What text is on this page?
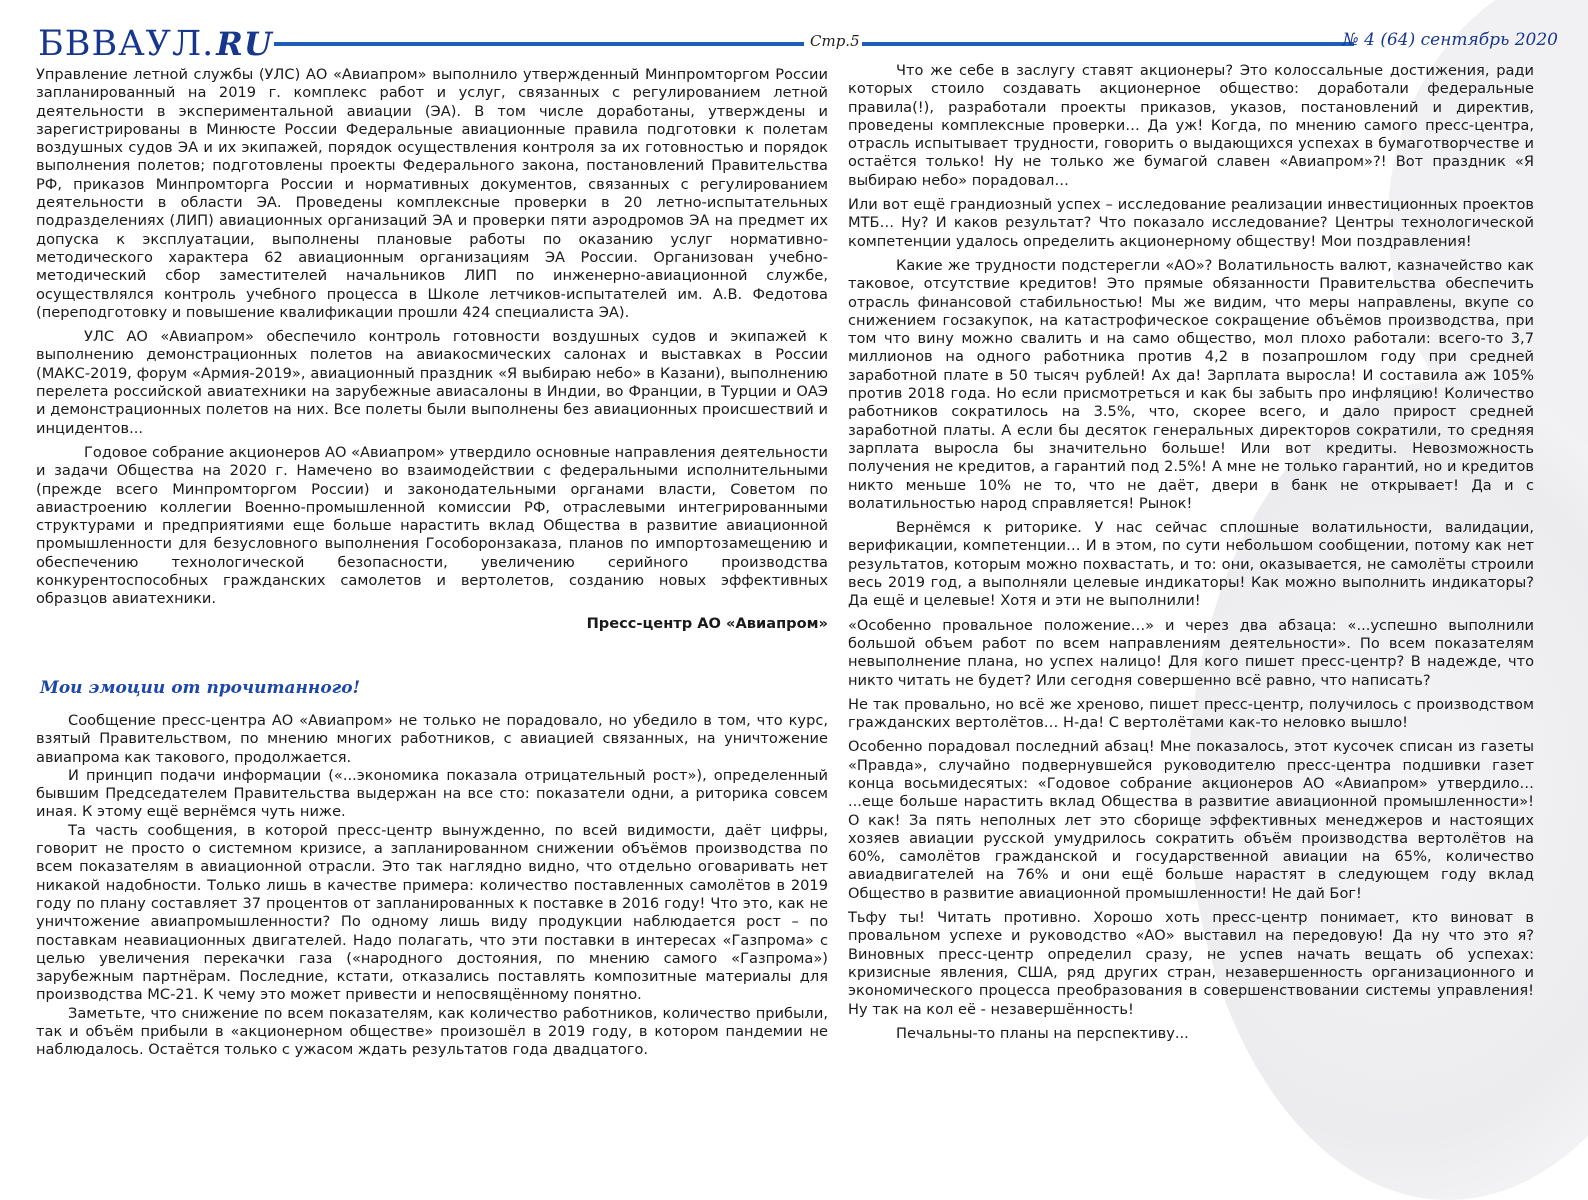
БВВАУЛ.RU	Стр.5	№ 4 (64) сентябрь 2020

Управление летной службы (УЛС) АО «Авиапром» выполнило утвержденный Минпромторгом России запланированный на 2019 г. комплекс работ и услуг, связанных с регулированием летной деятельности в экспериментальной авиации (ЭА). В том числе доработаны, утверждены и зарегистрированы в Минюсте России Федеральные авиационные правила подготовки к полетам воздушных судов ЭА и их экипажей, порядок осуществления контроля за их готовностью и порядок выполнения полетов; подготовлены проекты Федерального закона, постановлений Правительства РФ, приказов Минпромторга России и нормативных документов, связанных с регулированием деятельности в области ЭА. Проведены комплексные проверки в 20 летно-испытательных подразделениях (ЛИП) авиационных организаций ЭА и проверки пяти аэродромов ЭА на предмет их допуска к эксплуатации, выполнены плановые работы по оказанию услуг нормативно-методического характера 62 авиационным организациям ЭА России. Организован учебно-методический сбор заместителей начальников ЛИП по инженерно-авиационной службе, осуществлялся контроль учебного процесса в Школе летчиков-испытателей им. А.В. Федотова (переподготовку и повышение квалификации прошли 424 специалиста ЭА).

УЛС АО «Авиапром» обеспечило контроль готовности воздушных судов и экипажей к выполнению демонстрационных полетов на авиакосмических салонах и выставках в России (МАКС-2019, форум «Армия-2019», авиационный праздник «Я выбираю небо» в Казани), выполнению перелета российской авиатехники на зарубежные авиасалоны в Индии, во Франции, в Турции и ОАЭ и демонстрационных полетов на них. Все полеты были выполнены без авиационных происшествий и инцидентов...

Годовое собрание акционеров АО «Авиапром» утвердило основные направления деятельности и задачи Общества на 2020 г. Намечено во взаимодействии с федеральными исполнительными (прежде всего Минпромторгом России) и законодательными органами власти, Советом по авиастроению коллегии Военно-промышленной комиссии РФ, отраслевыми интегрированными структурами и предприятиями еще больше нарастить вклад Общества в развитие авиационной промышленности для безусловного выполнения Гособоронзаказа, планов по импортозамещению и обеспечению технологической безопасности, увеличению серийного производства конкурентоспособных гражданских самолетов и вертолетов, созданию новых эффективных образцов авиатехники.

Пресс-центр АО «Авиапром»

Мои эмоции от прочитанного!

Сообщение пресс-центра АО «Авиапром» не только не порадовало, но убедило в том, что курс, взятый Правительством, по мнению многих работников, с авиацией связанных, на уничтожение авиапрома как такового, продолжается.

И принцип подачи информации («...экономика показала отрицательный рост»), определенный бывшим Председателем Правительства выдержан на все сто: показатели одни, а риторика совсем иная. К этому ещё вернёмся чуть ниже.

Та часть сообщения, в которой пресс-центр вынужденно, по всей видимости, даёт цифры, говорит не просто о системном кризисе, а запланированном снижении объёмов производства по всем показателям в авиационной отрасли. Это так наглядно видно, что отдельно оговаривать нет никакой надобности. Только лишь в качестве примера: количество поставленных самолётов в 2019 году по плану составляет 37 процентов от запланированных к поставке в 2016 году! Что это, как не уничтожение авиапромышленности? По одному лишь виду продукции наблюдается рост – по поставкам неавиационных двигателей. Надо полагать, что эти поставки в интересах «Газпрома» с целью увеличения перекачки газа («народного достояния, по мнению самого «Газпрома») зарубежным партнёрам. Последние, кстати, отказались поставлять композитные материалы для производства МС-21. К чему это может привести и непосвящённому понятно.

Заметьте, что снижение по всем показателям, как количество работников, количество прибыли, так и объём прибыли в «акционерном обществе» произошёл в 2019 году, в котором пандемии не наблюдалось. Остаётся только с ужасом ждать результатов года двадцатого.

Что же себе в заслугу ставят акционеры? Это колоссальные достижения, ради которых стоило создавать акционерное общество: доработали федеральные правила(!), разработали проекты приказов, указов, постановлений и директив, проведены комплексные проверки… Да уж! Когда, по мнению самого пресс-центра, отрасль испытывает трудности, говорить о выдающихся успехах в бумаготворчестве и остаётся только! Ну не только же бумагой славен «Авиапром»?! Вот праздник «Я выбираю небо» порадовал…

Или вот ещё грандиозный успех – исследование реализации инвестиционных проектов МТБ… Ну? И каков результат? Что показало исследование? Центры технологической компетенции удалось определить акционерному обществу! Мои поздравления!

Какие же трудности подстерегли «АО»? Волатильность валют, казначейство как таковое, отсутствие кредитов! Это прямые обязанности Правительства обеспечить отрасль финансовой стабильностью! Мы же видим, что меры направлены, вкупе со снижением госзакупок, на катастрофическое сокращение объёмов производства, при том что вину можно свалить и на само общество, мол плохо работали: всего-то 3,7 миллионов на одного работника против 4,2 в позапрошлом году при средней заработной плате в 50 тысяч рублей! Ах да! Зарплата выросла! И составила аж 105% против 2018 года. Но если присмотреться и как бы забыть про инфляцию! Количество работников сократилось на 3.5%, что, скорее всего, и дало прирост средней заработной платы. А если бы десяток генеральных директоров сократили, то средняя зарплата выросла бы значительно больше! Или вот кредиты. Невозможность получения не кредитов, а гарантий под 2.5%! А мне не только гарантий, но и кредитов никто меньше 10% не то, что не даёт, двери в банк не открывает! Да и с волатильностью народ справляется! Рынок!

Вернёмся к риторике. У нас сейчас сплошные волатильности, валидации, верификации, компетенции… И в этом, по сути небольшом сообщении, потому как нет результатов, которым можно похвастать, и то: они, оказывается, не самолёты строили весь 2019 год, а выполняли целевые индикаторы! Как можно выполнить индикаторы? Да ещё и целевые! Хотя и эти не выполнили!

«Особенно провальное положение…» и через два абзаца: «...успешно выполнили большой объем работ по всем направлениям деятельности». По всем показателям невыполнение плана, но успех налицо! Для кого пишет пресс-центр? В надежде, что никто читать не будет? Или сегодня совершенно всё равно, что написать?

Не так провально, но всё же хреново, пишет пресс-центр, получилось с производством гражданских вертолётов… Н-да! С вертолётами как-то неловко вышло!

Особенно порадовал последний абзац! Мне показалось, этот кусочек списан из газеты «Правда», случайно подвернувшейся руководителю пресс-центра подшивки газет конца восьмидесятых: «Годовое собрание акционеров АО «Авиапром» утвердило… ...еще больше нарастить вклад Общества в развитие авиационной промышленности»! О как! За пять неполных лет это сборище эффективных менеджеров и настоящих хозяев авиации русской умудрилось сократить объём производства вертолётов на 60%, самолётов гражданской и государственной авиации на 65%, количество авиадвигателей на 76% и они ещё больше нарастят в следующем году вклад Общество в развитие авиационной промышленности! Не дай Бог!

Тьфу ты! Читать противно. Хорошо хоть пресс-центр понимает, кто виноват в провальном успехе и руководство «АО» выставил на передовую! Да ну что это я? Виновных пресс-центр определил сразу, не успев начать вещать об успехах: кризисные явления, США, ряд других стран, незавершенность организационного и экономического процесса преобразования в совершенствовании системы управления! Ну так на кол её - незавершённость!

Печальны-то планы на перспективу...
